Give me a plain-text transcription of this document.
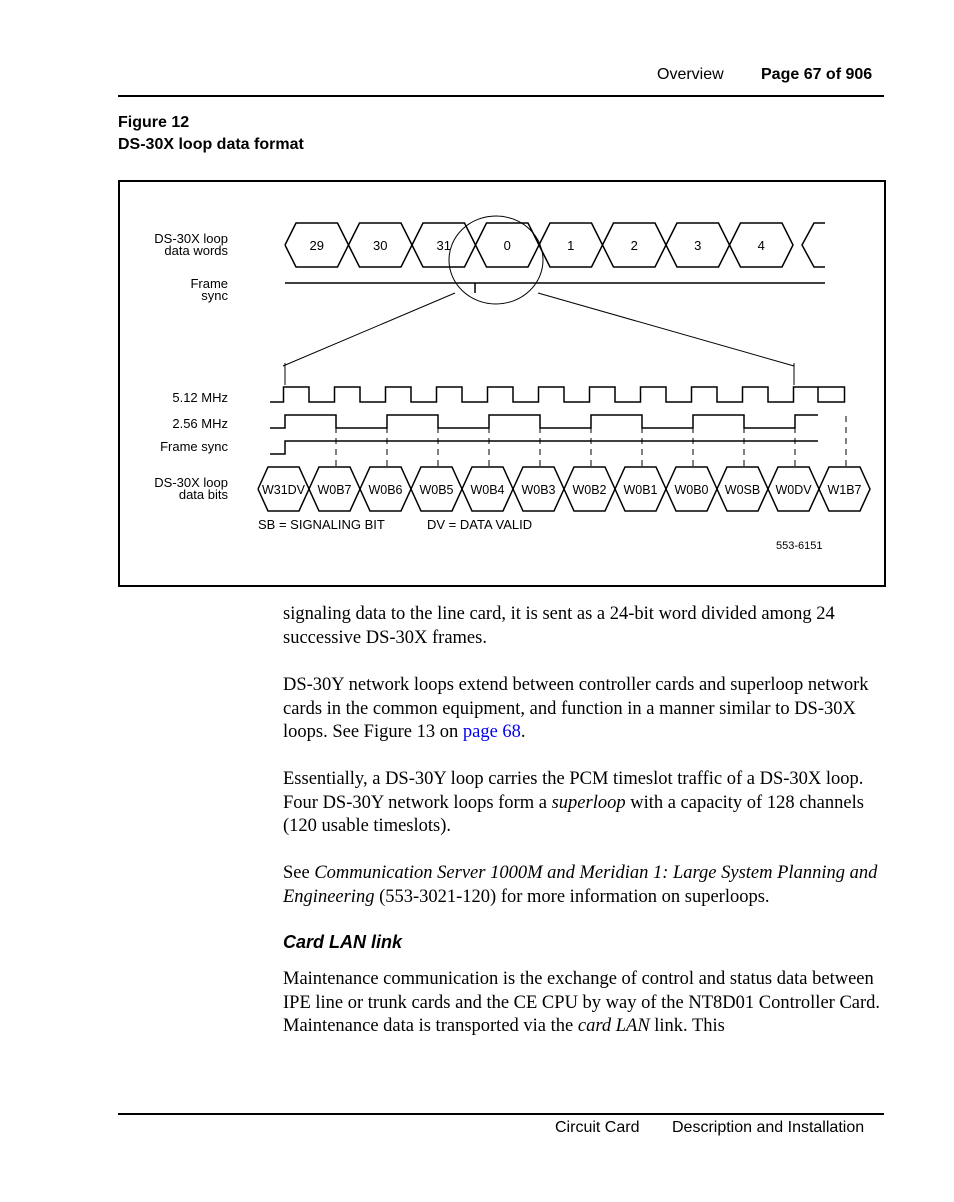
Overview Page 67 of 906
Figure 12
DS-30X loop data format
DS-30X loop
data words
Frame
sync
5.12 MHz
2.56 MHz
Frame sync
DS-30X loop
data bits
29	30	31	0	1	2	3	4
W31DV W0B7 W0B6 W0B5 W0B4 W0B3 W0B2 W0B1 W0B0 W0SB W0DV W1B7
SB = SIGNALING BIT	DV = DATA VALID
553-6151

signaling data to the line card, it is sent as a 24-bit word divided among 24 successive DS-30X frames.

DS-30Y network loops extend between controller cards and superloop network cards in the common equipment, and function in a manner similar to DS-30X loops. See Figure 13 on page 68.

Essentially, a DS-30Y loop carries the PCM timeslot traffic of a DS-30X loop. Four DS-30Y network loops form a superloop with a capacity of 128 channels (120 usable timeslots).

See Communication Server 1000M and Meridian 1: Large System Planning and Engineering (553-3021-120) for more information on superloops.

Card LAN link

Maintenance communication is the exchange of control and status data between IPE line or trunk cards and the CE CPU by way of the NT8D01 Controller Card. Maintenance data is transported via the card LAN link. This

Circuit Card Description and Installation
